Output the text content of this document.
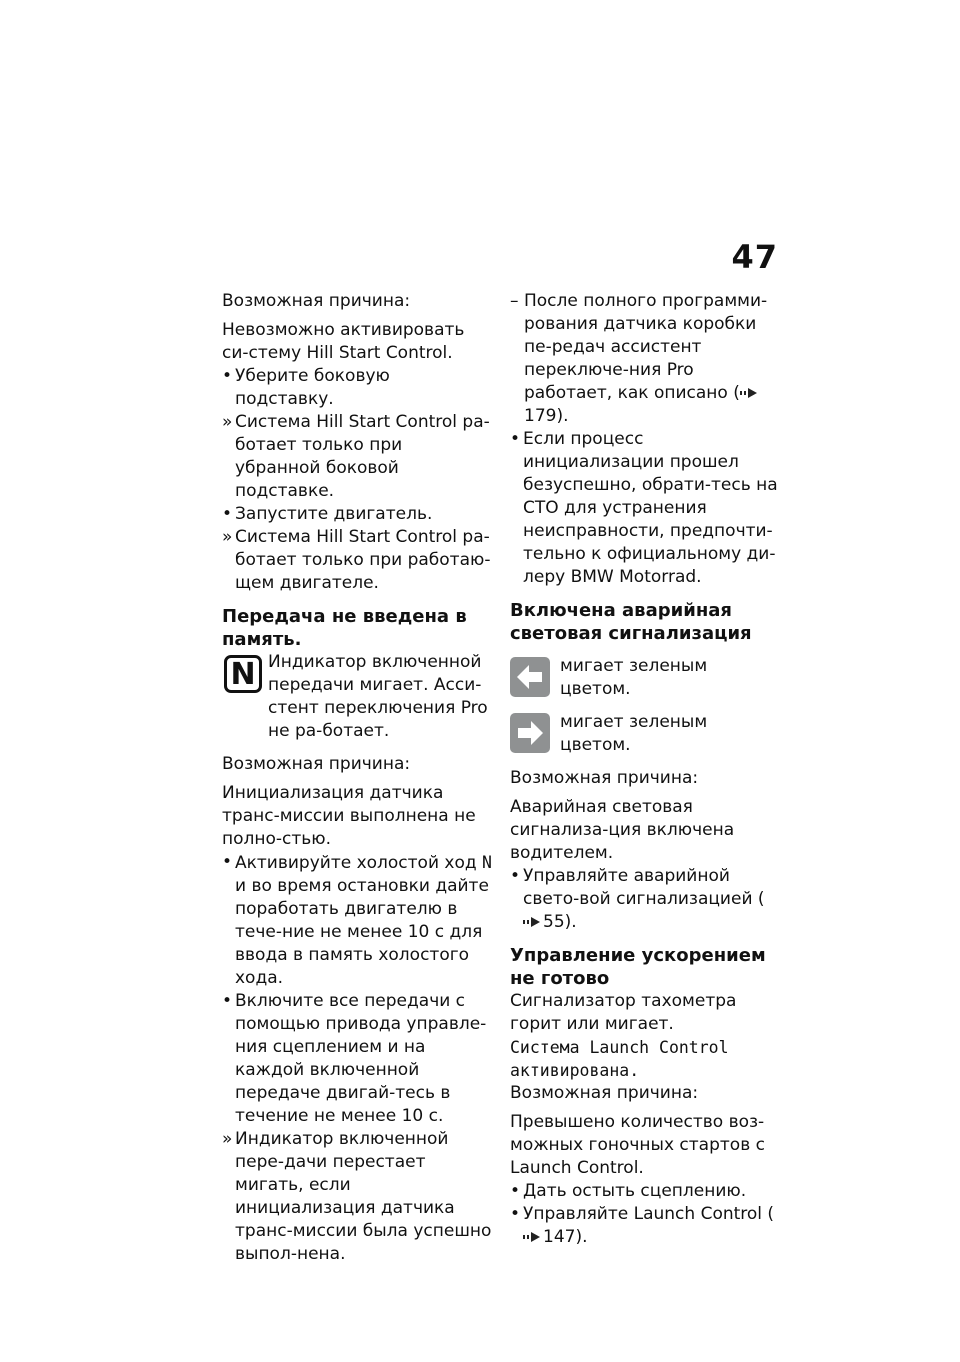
47

Возможная причина:

Невозможно активировать си-стему Hill Start Control.

• Уберите боковую подставку.
» Система Hill Start Control ра-ботает только при убранной боковой подставке.
• Запустите двигатель.
» Система Hill Start Control ра-ботает только при работаю-щем двигателе.
Передача не введена в память.
N Индикатор включенной передачи мигает. Асси-стент переключения Pro не ра-ботает.

Возможная причина:

Инициализация датчика транс-миссии выполнена не полно-стью.

• Активируйте холостой ход N и во время остановки дайте поработать двигателю в тече-ние не менее 10 с для ввода в память холостого хода.
• Включите все передачи с помощью привода управле-ния сцеплением и на каждой включенной передаче двигай-тесь в течение не менее 10 с.
» Индикатор включенной пере-дачи перестает мигать, если инициализация датчика транс-миссии была успешно выпол-нена.
– После полного программи-рования датчика коробки пе-редач ассистент переключе-ния Pro работает, как описано (179).
• Если процесс инициализации прошел безуспешно, обрати-тесь на СТО для устранения неисправности, предпочти-тельно к официальному ди-леру BMW Motorrad.
Включена аварийная световая сигнализация

мигает зеленым цветом.

мигает зеленым цветом.

Возможная причина:

Аварийная световая сигнализа-ция включена водителем.

• Управляйте аварийной свето-вой сигнализацией (55).
Управление ускорением не готово

Сигнализатор тахометра горит или мигает.

Система Launch Control активирована.

Возможная причина:

Превышено количество воз-можных гоночных стартов с Launch Control.

• Дать остыть сцеплению.
• Управляйте Launch Control (147).
